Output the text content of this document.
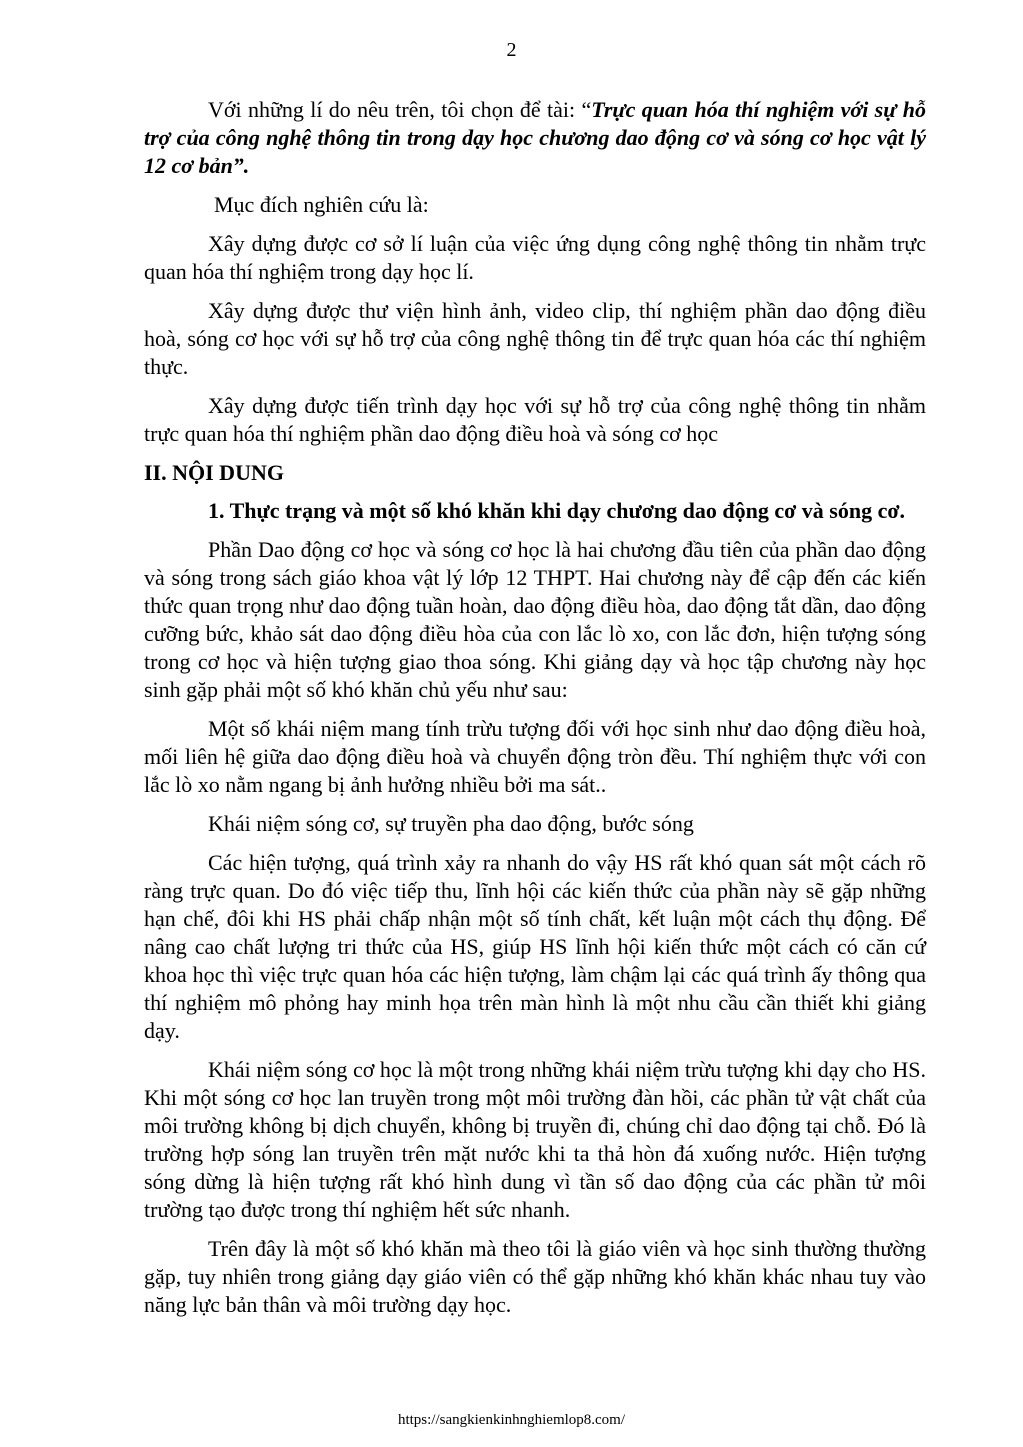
2

Với những lí do nêu trên, tôi chọn để tài: “Trực quan hóa thí nghiệm với sự hỗ trợ của công nghệ thông tin trong dạy học chương dao động cơ và sóng cơ học vật lý 12 cơ bản”.

Mục đích nghiên cứu là:

Xây dựng được cơ sở lí luận của việc ứng dụng công nghệ thông tin nhằm trực quan hóa thí nghiệm trong dạy học lí.

Xây dựng được thư viện hình ảnh, video clip, thí nghiệm phần dao động điều hoà, sóng cơ học với sự hỗ trợ của công nghệ thông tin để trực quan hóa các thí nghiệm thực.

Xây dựng được tiến trình dạy học với sự hỗ trợ của công nghệ thông tin nhằm trực quan hóa thí nghiệm phần dao động điều hoà và sóng cơ học

II. NỘI DUNG

1. Thực trạng và một số khó khăn khi dạy chương dao động cơ và sóng cơ.

Phần Dao động cơ học và sóng cơ học là hai chương đầu tiên của phần dao động và sóng trong sách giáo khoa vật lý lớp 12 THPT. Hai chương này để cập đến các kiến thức quan trọng như dao động tuần hoàn, dao động điều hòa, dao động tắt dần, dao động cưỡng bức, khảo sát dao động điều hòa của con lắc lò xo, con lắc đơn, hiện tượng sóng trong cơ học và hiện tượng giao thoa sóng. Khi giảng dạy và học tập chương này học sinh gặp phải một số khó khăn chủ yếu như sau:

Một số khái niệm mang tính trừu tượng đối với học sinh như dao động điều hoà, mối liên hệ giữa dao động điều hoà và chuyển động tròn đều. Thí nghiệm thực với con lắc lò xo nằm ngang bị ảnh hưởng nhiều bởi ma sát..

Khái niệm sóng cơ, sự truyền pha dao động, bước sóng

Các hiện tượng, quá trình xảy ra nhanh do vậy HS rất khó quan sát một cách rõ ràng trực quan. Do đó việc tiếp thu, lĩnh hội các kiến thức của phần này sẽ gặp những hạn chế, đôi khi HS phải chấp nhận một số tính chất, kết luận một cách thụ động. Để nâng cao chất lượng tri thức của HS, giúp HS lĩnh hội kiến thức một cách có căn cứ khoa học thì việc trực quan hóa các hiện tượng, làm chậm lại các quá trình ấy thông qua thí nghiệm mô phỏng hay minh họa trên màn hình là một nhu cầu cần thiết khi giảng dạy.

Khái niệm sóng cơ học là một trong những khái niệm trừu tượng khi dạy cho HS. Khi một sóng cơ học lan truyền trong một môi trường đàn hồi, các phần tử vật chất của môi trường không bị dịch chuyển, không bị truyền đi, chúng chỉ dao động tại chỗ. Đó là trường hợp sóng lan truyền trên mặt nước khi ta thả hòn đá xuống nước. Hiện tượng sóng dừng là hiện tượng rất khó hình dung vì tần số dao động của các phần tử môi trường tạo được trong thí nghiệm hết sức nhanh.

Trên đây là một số khó khăn mà theo tôi là giáo viên và học sinh thường thường gặp, tuy nhiên trong giảng dạy giáo viên có thể gặp những khó khăn khác nhau tuy vào năng lực bản thân và môi trường dạy học.

https://sangkienkinhnghiemlop8.com/
